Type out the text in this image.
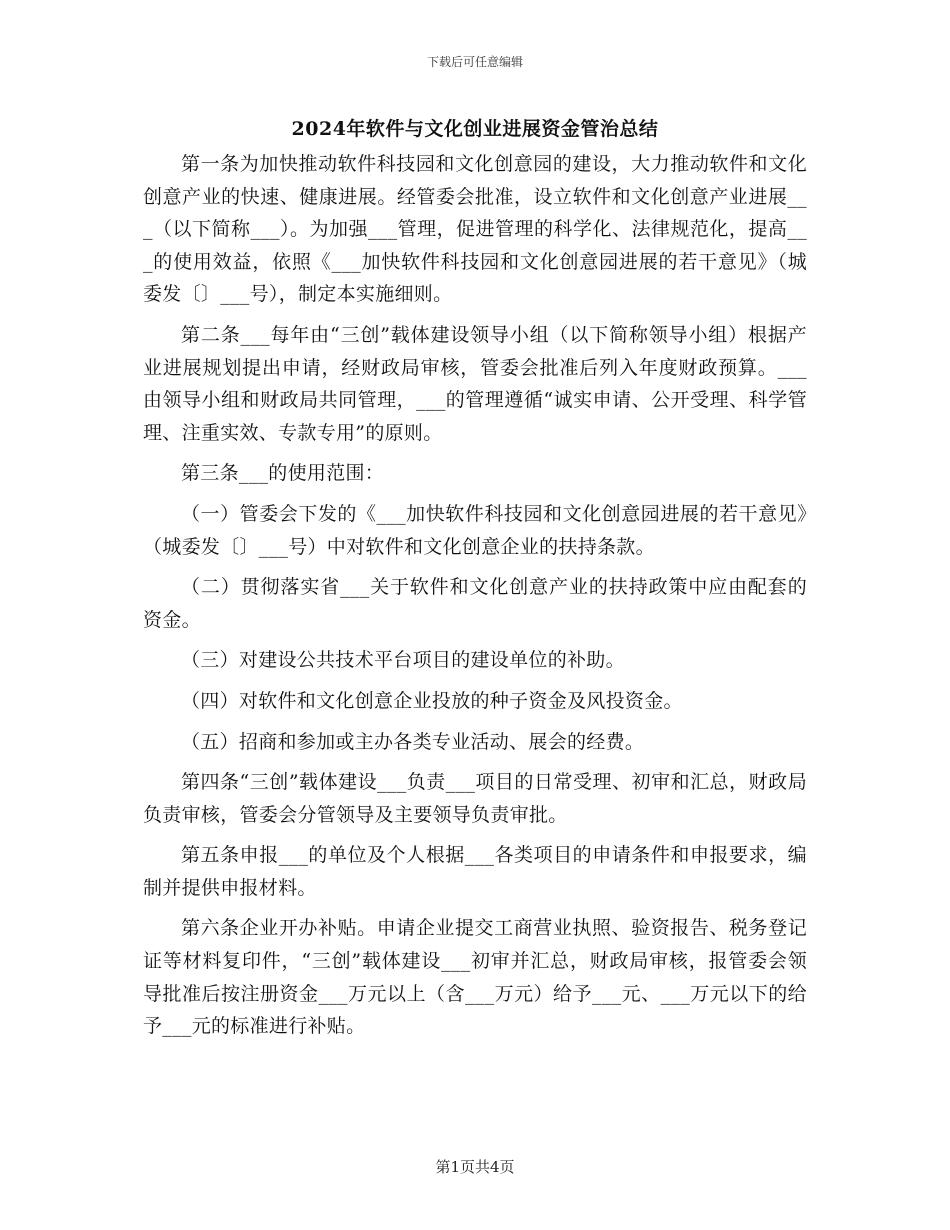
下载后可任意编辑
2024年软件与文化创业进展资金管治总结

第一条为加快推动软件科技园和文化创意园的建设，大力推动软件和文化创意产业的快速、健康进展。经管委会批准，设立软件和文化创意产业进展___（以下简称___）。为加强___管理，促进管理的科学化、法律规范化，提高___的使用效益，依照《___加快软件科技园和文化创意园进展的若干意见》（城委发〔〕___号），制定本实施细则。

第二条___每年由“三创”载体建设领导小组（以下简称领导小组）根据产业进展规划提出申请，经财政局审核，管委会批准后列入年度财政预算。___由领导小组和财政局共同管理，___的管理遵循“诚实申请、公开受理、科学管理、注重实效、专款专用”的原则。

第三条___的使用范围：

（一）管委会下发的《___加快软件科技园和文化创意园进展的若干意见》（城委发〔〕___号）中对软件和文化创意企业的扶持条款。

（二）贯彻落实省___关于软件和文化创意产业的扶持政策中应由配套的资金。

（三）对建设公共技术平台项目的建设单位的补助。

（四）对软件和文化创意企业投放的种子资金及风投资金。

（五）招商和参加或主办各类专业活动、展会的经费。

第四条“三创”载体建设___负责___项目的日常受理、初审和汇总，财政局负责审核，管委会分管领导及主要领导负责审批。

第五条申报___的单位及个人根据___各类项目的申请条件和申报要求，编制并提供申报材料。

第六条企业开办补贴。申请企业提交工商营业执照、验资报告、税务登记证等材料复印件，“三创”载体建设___初审并汇总，财政局审核，报管委会领导批准后按注册资金___万元以上（含___万元）给予___元、___万元以下的给予___元的标准进行补贴。

第1页共4页
